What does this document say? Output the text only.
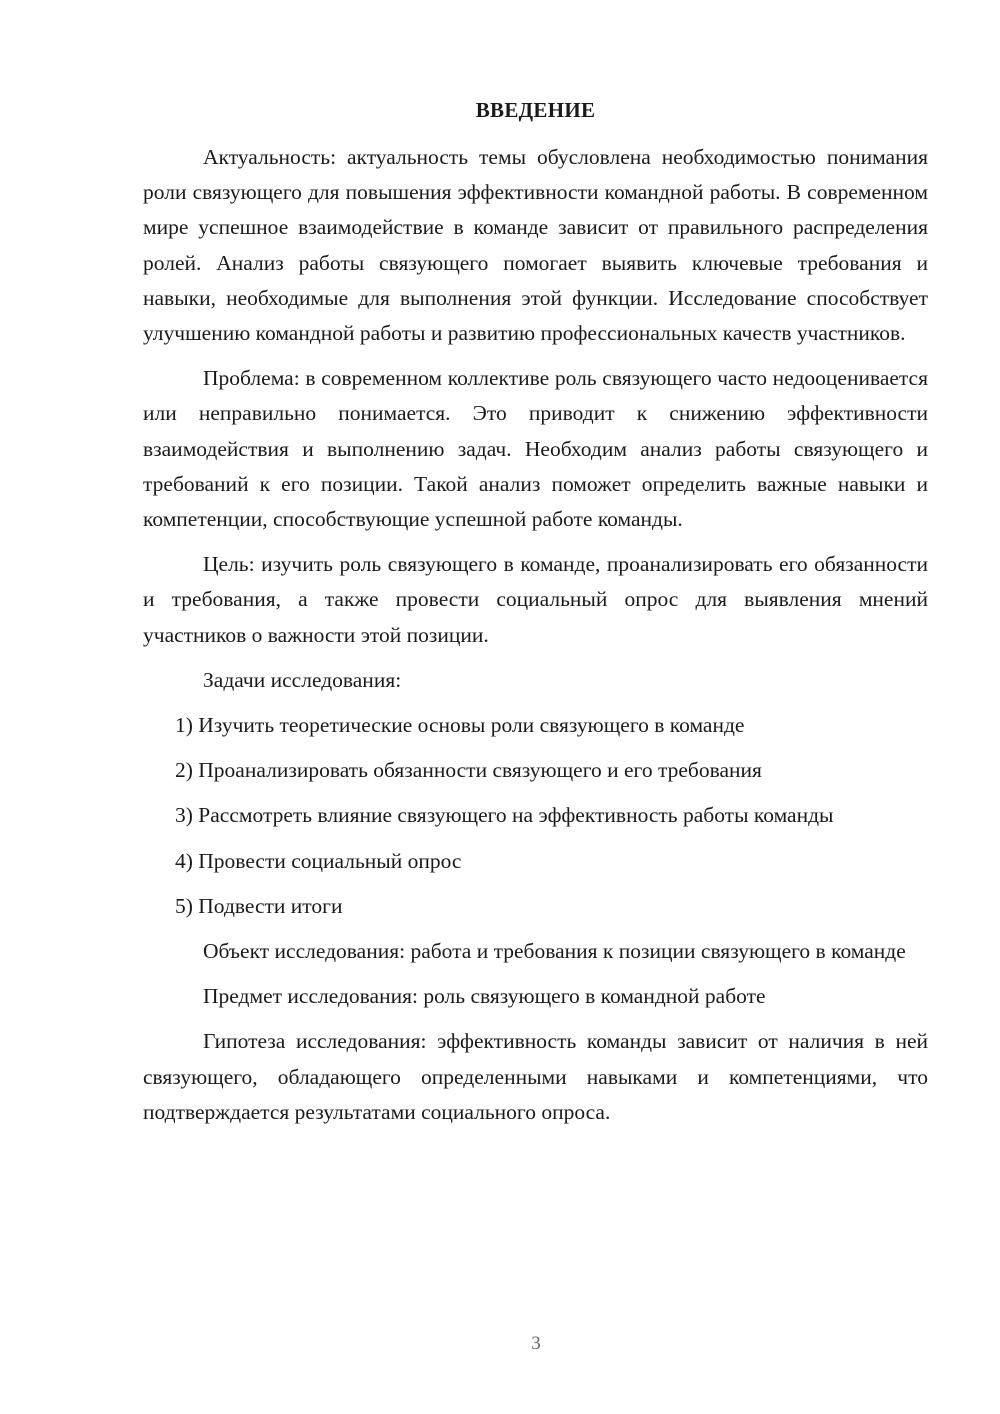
ВВЕДЕНИЕ

Актуальность: актуальность темы обусловлена необходимостью понимания роли связующего для повышения эффективности командной работы. В современном мире успешное взаимодействие в команде зависит от правильного распределения ролей. Анализ работы связующего помогает выявить ключевые требования и навыки, необходимые для выполнения этой функции. Исследование способствует улучшению командной работы и развитию профессиональных качеств участников.

Проблема: в современном коллективе роль связующего часто недооценивается или неправильно понимается. Это приводит к снижению эффективности взаимодействия и выполнению задач. Необходим анализ работы связующего и требований к его позиции. Такой анализ поможет определить важные навыки и компетенции, способствующие успешной работе команды.

Цель: изучить роль связующего в команде, проанализировать его обязанности и требования, а также провести социальный опрос для выявления мнений участников о важности этой позиции.

Задачи исследования:

1) Изучить теоретические основы роли связующего в команде

2) Проанализировать обязанности связующего и его требования

3) Рассмотреть влияние связующего на эффективность работы команды

4) Провести социальный опрос

5) Подвести итоги

Объект исследования: работа и требования к позиции связующего в команде

Предмет исследования: роль связующего в командной работе

Гипотеза исследования: эффективность команды зависит от наличия в ней связующего, обладающего определенными навыками и компетенциями, что подтверждается результатами социального опроса.

3
